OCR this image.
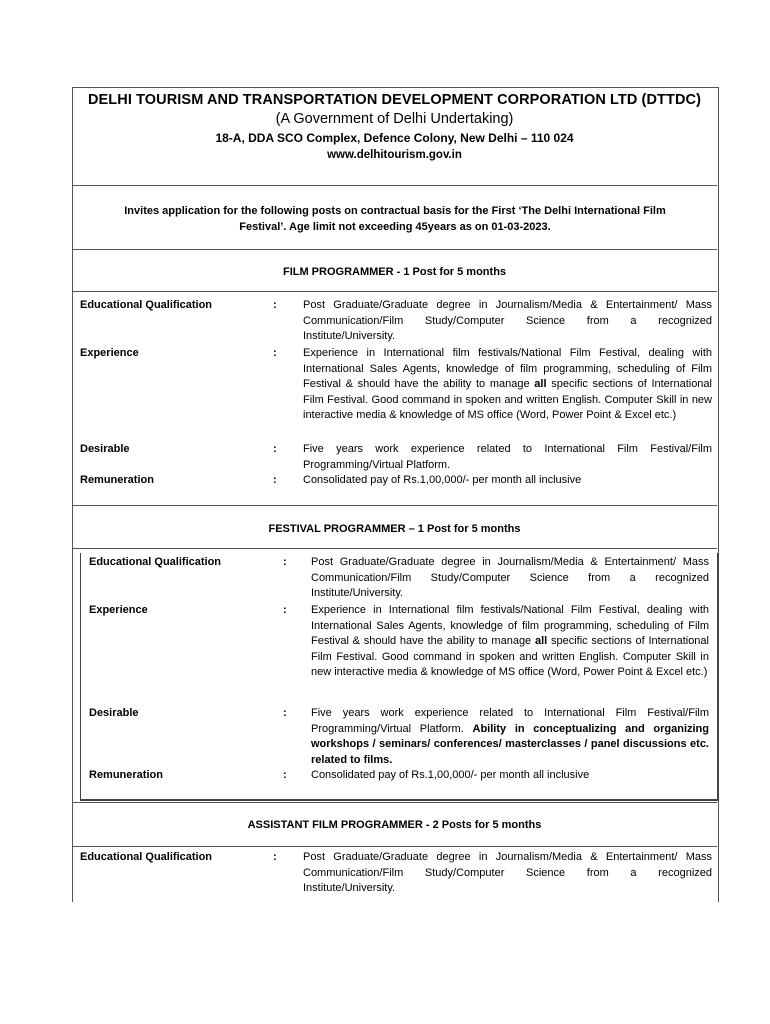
DELHI TOURISM AND TRANSPORTATION DEVELOPMENT CORPORATION LTD (DTTDC)
(A Government of Delhi Undertaking)
18-A, DDA SCO Complex, Defence Colony, New Delhi – 110 024
www.delhitourism.gov.in
Invites application for the following posts on contractual basis for the First ‘The Delhi International Film
Festival’. Age limit not exceeding 45years as on 01-03-2023.
FILM PROGRAMMER - 1 Post for 5 months
Educational Qualification	: Post Graduate/Graduate degree in Journalism/Media & Entertainment/ Mass Communication/Film Study/Computer Science from a recognized Institute/University.
Experience	: Experience in International film festivals/National Film Festival, dealing with International Sales Agents, knowledge of film programming, scheduling of Film Festival & should have the ability to manage all specific sections of International Film Festival. Good command in spoken and written English. Computer Skill in new interactive media & knowledge of MS office (Word, Power Point & Excel etc.)
Desirable	: Five years work experience related to International Film Festival/Film Programming/Virtual Platform.
Remuneration	: Consolidated pay of Rs.1,00,000/- per month all inclusive
FESTIVAL PROGRAMMER – 1 Post for 5 months
Educational Qualification	: Post Graduate/Graduate degree in Journalism/Media & Entertainment/ Mass Communication/Film Study/Computer Science from a recognized Institute/University.
Experience	: Experience in International film festivals/National Film Festival, dealing with International Sales Agents, knowledge of film programming, scheduling of Film Festival & should have the ability to manage all specific sections of International Film Festival. Good command in spoken and written English. Computer Skill in new interactive media & knowledge of MS office (Word, Power Point & Excel etc.)
Desirable	: Five years work experience related to International Film Festival/Film Programming/Virtual Platform. Ability in conceptualizing and organizing workshops / seminars/ conferences/ masterclasses / panel discussions etc. related to films.
Remuneration	: Consolidated pay of Rs.1,00,000/- per month all inclusive
ASSISTANT FILM PROGRAMMER - 2 Posts for 5 months
Educational Qualification	: Post Graduate/Graduate degree in Journalism/Media & Entertainment/ Mass Communication/Film Study/Computer Science from a recognized Institute/University.
